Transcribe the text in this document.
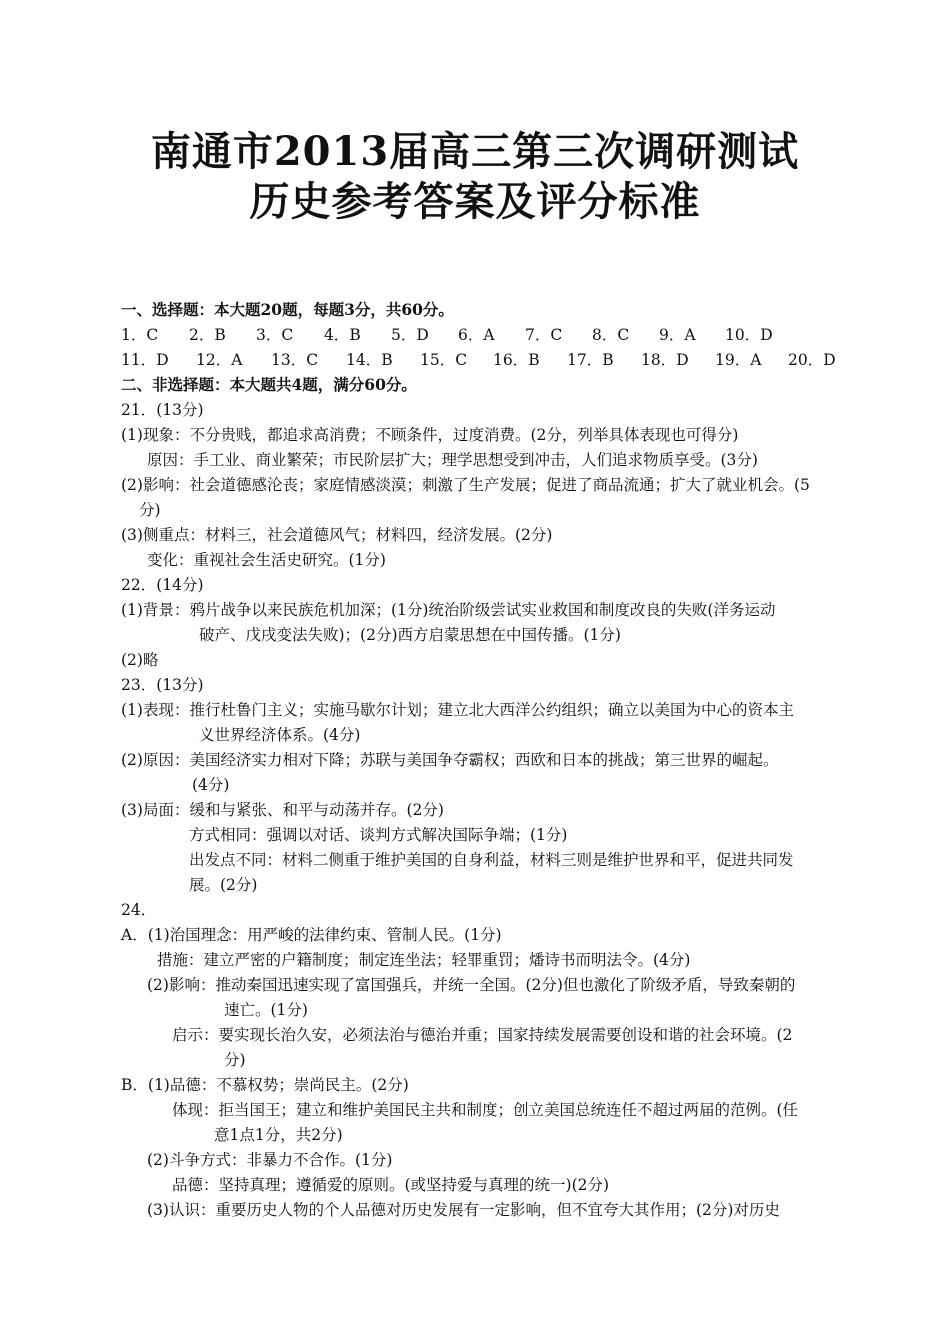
南通市2013届高三第三次调研测试
历史参考答案及评分标准

一、选择题：本大题20题，每题3分，共60分。

1．C 2．B 3．C 4．B 5．D 6．A 7．C 8．C 9．A 10．D
11．D 12．A 13．C 14．B 15．C 16．B 17．B 18．D 19．A 20．D

二、非选择题：本大题共4题，满分60分。

21．(13分)

(1)现象：不分贵贱，都追求高消费；不顾条件，过度消费。(2分，列举具体表现也可得分)

原因：手工业、商业繁荣；市民阶层扩大；理学思想受到冲击，人们追求物质享受。(3分)

(2)影响：社会道德感沦丧；家庭情感淡漠；刺激了生产发展；促进了商品流通；扩大了就业机会。(5

分)

(3)侧重点：材料三，社会道德风气；材料四，经济发展。(2分)

变化：重视社会生活史研究。(1分)

22．(14分)

(1)背景：鸦片战争以来民族危机加深；(1分)统治阶级尝试实业救国和制度改良的失败(洋务运动

破产、戊戌变法失败)；(2分)西方启蒙思想在中国传播。(1分)

(2)略

23．(13分)

(1)表现：推行杜鲁门主义；实施马歇尔计划；建立北大西洋公约组织；确立以美国为中心的资本主

义世界经济体系。(4分)

(2)原因：美国经济实力相对下降；苏联与美国争夺霸权；西欧和日本的挑战；第三世界的崛起。

(4分)

(3)局面：缓和与紧张、和平与动荡并存。(2分)

方式相同：强调以对话、谈判方式解决国际争端；(1分)

出发点不同：材料二侧重于维护美国的自身利益，材料三则是维护世界和平，促进共同发

展。(2分)

24．

A．(1)治国理念：用严峻的法律约束、管制人民。(1分)

措施：建立严密的户籍制度；制定连坐法；轻罪重罚；燔诗书而明法令。(4分)

(2)影响：推动秦国迅速实现了富国强兵，并统一全国。(2分)但也激化了阶级矛盾，导致秦朝的

速亡。(1分)

启示：要实现长治久安，必须法治与德治并重；国家持续发展需要创设和谐的社会环境。(2

分)

B．(1)品德：不慕权势；崇尚民主。(2分)

体现：拒当国王；建立和维护美国民主共和制度；创立美国总统连任不超过两届的范例。(任

意1点1分，共2分)

(2)斗争方式：非暴力不合作。(1分)

品德：坚持真理；遵循爱的原则。(或坚持爱与真理的统一)(2分)

(3)认识：重要历史人物的个人品德对历史发展有一定影响，但不宜夸大其作用；(2分)对历史
